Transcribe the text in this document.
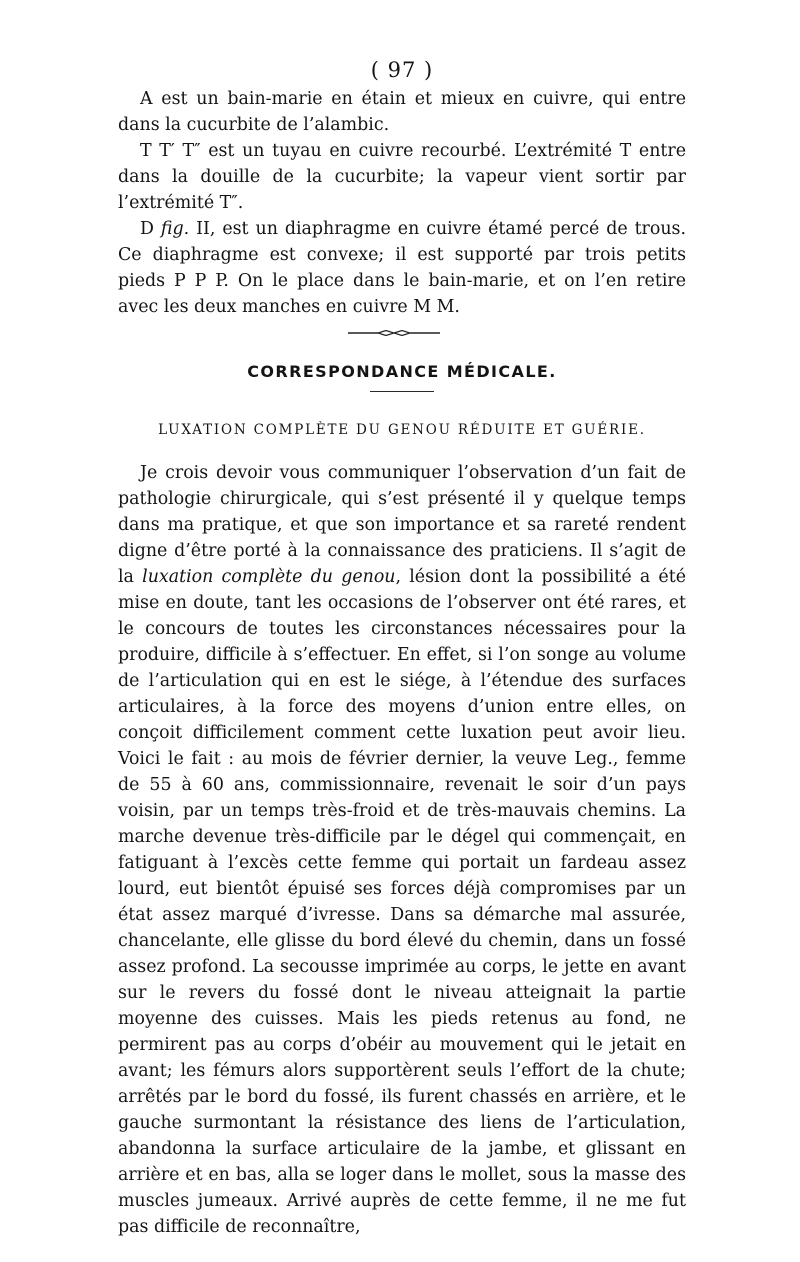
( 97 )

A est un bain-marie en étain et mieux en cuivre, qui entre dans la cucurbite de l’alambic.

T T′ T″ est un tuyau en cuivre recourbé. L’extrémité T entre dans la douille de la cucurbite; la vapeur vient sortir par l’extrémité T″.

D fig. II, est un diaphragme en cuivre étamé percé de trous. Ce diaphragme est convexe; il est supporté par trois petits pieds P P P. On le place dans le bain-marie, et on l’en retire avec les deux manches en cuivre M M.

CORRESPONDANCE MÉDICALE.
LUXATION COMPLÈTE DU GENOU RÉDUITE ET GUÉRIE.

Je crois devoir vous communiquer l’observation d’un fait de pathologie chirurgicale, qui s’est présenté il y quelque temps dans ma pratique, et que son importance et sa rareté rendent digne d’être porté à la connaissance des praticiens. Il s’agit de la luxation complète du genou, lésion dont la possibilité a été mise en doute, tant les occasions de l’observer ont été rares, et le concours de toutes les circonstances nécessaires pour la produire, difficile à s’effectuer. En effet, si l’on songe au volume de l’articulation qui en est le siége, à l’étendue des surfaces articulaires, à la force des moyens d’union entre elles, on conçoit difficilement comment cette luxation peut avoir lieu. Voici le fait : au mois de février dernier, la veuve Leg., femme de 55 à 60 ans, commissionnaire, revenait le soir d’un pays voisin, par un temps très-froid et de très-mauvais chemins. La marche devenue très-difficile par le dégel qui commençait, en fatiguant à l’excès cette femme qui portait un fardeau assez lourd, eut bientôt épuisé ses forces déjà compromises par un état assez marqué d’ivresse. Dans sa démarche mal assurée, chancelante, elle glisse du bord élevé du chemin, dans un fossé assez profond. La secousse imprimée au corps, le jette en avant sur le revers du fossé dont le niveau atteignait la partie moyenne des cuisses. Mais les pieds retenus au fond, ne permirent pas au corps d’obéir au mouvement qui le jetait en avant; les fémurs alors supportèrent seuls l’effort de la chute; arrêtés par le bord du fossé, ils furent chassés en arrière, et le gauche surmontant la résistance des liens de l’articulation, abandonna la surface articulaire de la jambe, et glissant en arrière et en bas, alla se loger dans le mollet, sous la masse des muscles jumeaux. Arrivé auprès de cette femme, il ne me fut pas difficile de reconnaître,
